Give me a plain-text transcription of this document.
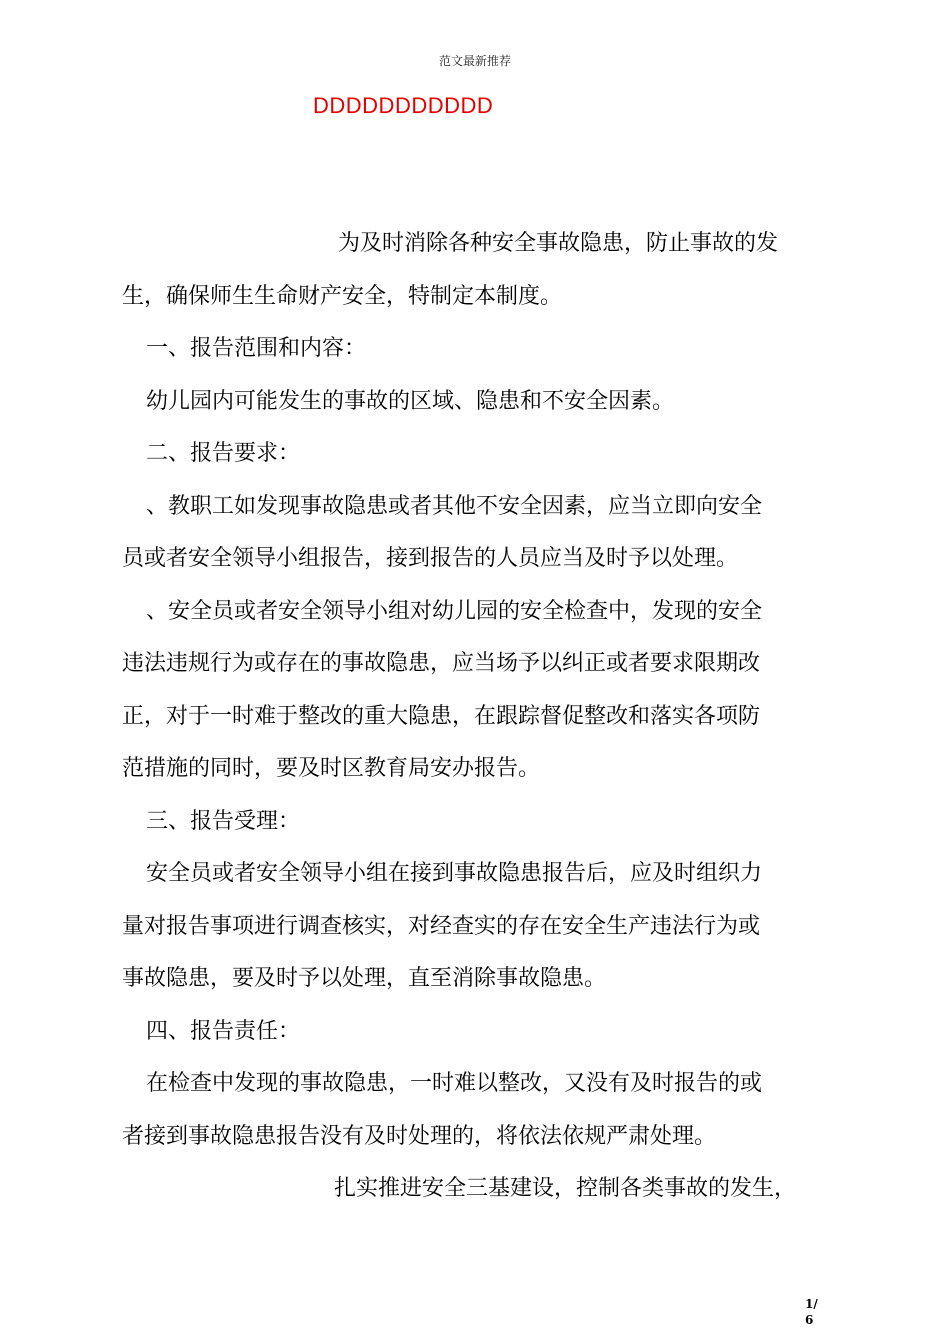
范文最新推荐
DDDDDDDDDDD
为及时消除各种安全事故隐患，防止事故的发
生，确保师生生命财产安全，特制定本制度。
一、报告范围和内容：
幼儿园内可能发生的事故的区域、隐患和不安全因素。
二、报告要求：
、教职工如发现事故隐患或者其他不安全因素，应当立即向安全
员或者安全领导小组报告，接到报告的人员应当及时予以处理。
、安全员或者安全领导小组对幼儿园的安全检查中，发现的安全
违法违规行为或存在的事故隐患，应当场予以纠正或者要求限期改
正，对于一时难于整改的重大隐患，在跟踪督促整改和落实各项防
范措施的同时，要及时区教育局安办报告。
三、报告受理：
安全员或者安全领导小组在接到事故隐患报告后，应及时组织力
量对报告事项进行调查核实，对经查实的存在安全生产违法行为或
事故隐患，要及时予以处理，直至消除事故隐患。
四、报告责任：
在检查中发现的事故隐患，一时难以整改，又没有及时报告的或
者接到事故隐患报告没有及时处理的，将依法依规严肃处理。
扎实推进安全三基建设，控制各类事故的发生，
1/
6
